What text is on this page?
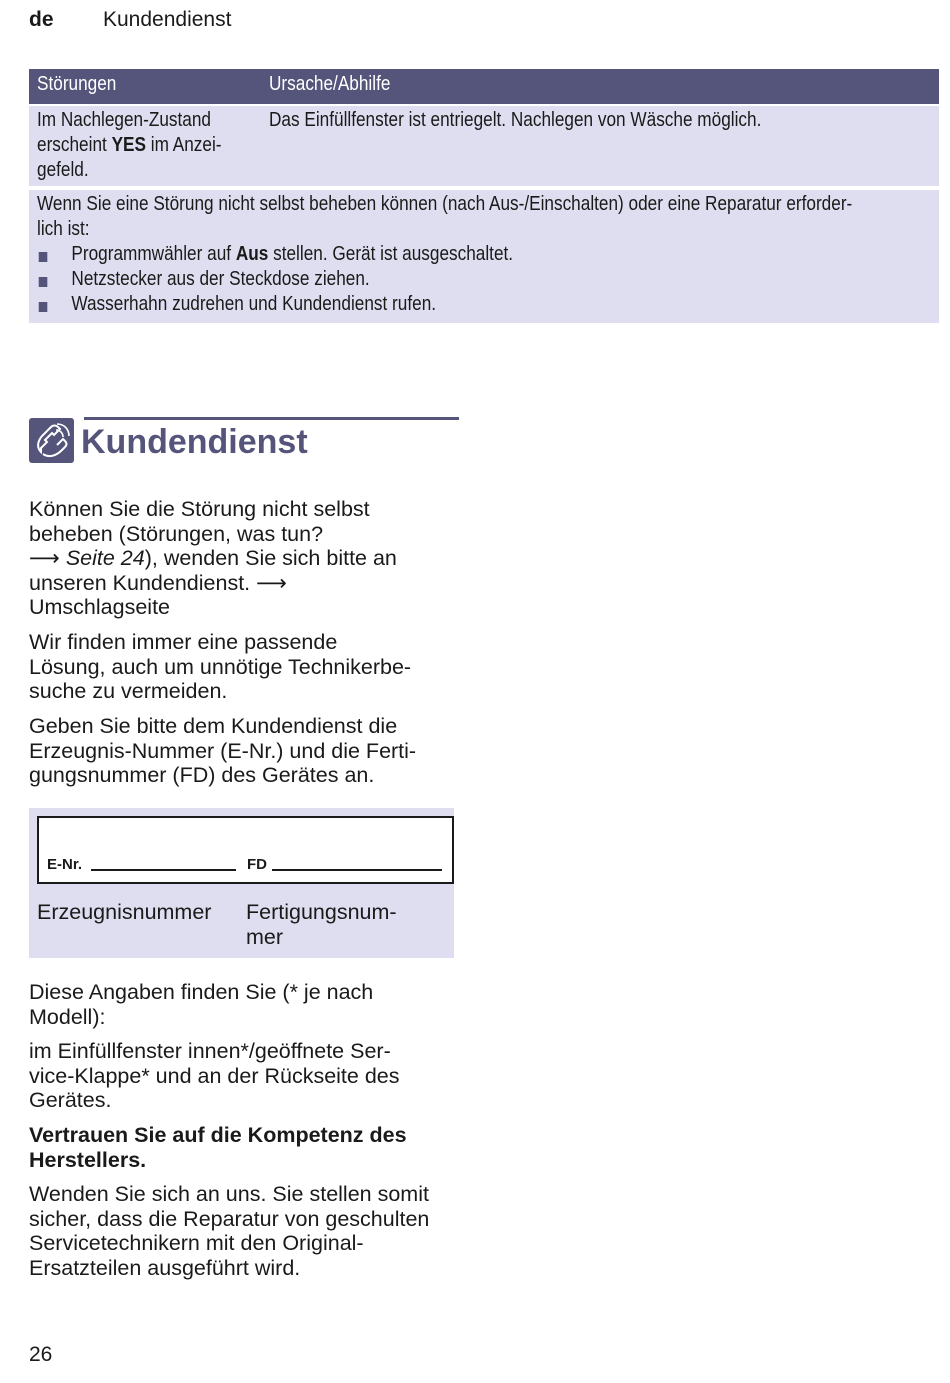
de Kundendienst
Störungen	Ursache/Abhilfe
Im Nachlegen-Zustand
erscheint YES im Anzei-
gefeld.
Das Einfüllfenster ist entriegelt. Nachlegen von Wäsche möglich.
Wenn Sie eine Störung nicht selbst beheben können (nach Aus-/Einschalten) oder eine Reparatur erforder-
lich ist:
Programmwähler auf Aus stellen. Gerät ist ausgeschaltet.
Netzstecker aus der Steckdose ziehen.
Wasserhahn zudrehen und Kundendienst rufen.
Kundendienst

Können Sie die Störung nicht selbst
beheben (Störungen, was tun?
⟶ Seite 24), wenden Sie sich bitte an
unseren Kundendienst. ⟶
Umschlagseite

Wir finden immer eine passende
Lösung, auch um unnötige Technikerbe-
suche zu vermeiden.

Geben Sie bitte dem Kundendienst die
Erzeugnis-Nummer (E-Nr.) und die Ferti-
gungsnummer (FD) des Gerätes an.

E-Nr.	FD
Erzeugnisnummer Fertigungsnum-
mer

Diese Angaben finden Sie (* je nach
Modell):

im Einfüllfenster innen*/geöffnete Ser-
vice-Klappe* und an der Rückseite des
Gerätes.

Vertrauen Sie auf die Kompetenz des
Herstellers.

Wenden Sie sich an uns. Sie stellen somit sicher, dass die Reparatur von geschulten Servicetechnikern mit den Original-Ersatzteilen ausgeführt wird.

26
